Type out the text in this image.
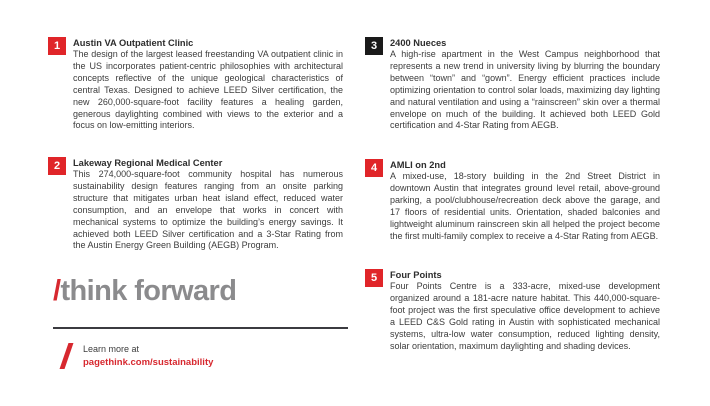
1	Austin VA Outpatient Clinic
The design of the largest leased freestanding VA outpatient clinic in the US incorporates patient-centric philosophies with architectural concepts reflective of the unique geological characteristics of central Texas. Designed to achieve LEED Silver certification, the new 260,000-square-foot facility features a healing garden, generous daylighting combined with views to the exterior and a focus on low-emitting interiors.
2	Lakeway Regional Medical Center
This 274,000-square-foot community hospital has numerous sustainability design features ranging from an onsite parking structure that mitigates urban heat island effect, reduced water consumption, and an envelope that works in concert with mechanical systems to optimize the building’s energy savings. It achieved both LEED Silver certification and a 3-Star Rating from the Austin Energy Green Building (AEGB) Program.
3	2400 Nueces
A high-rise apartment in the West Campus neighborhood that represents a new trend in university living by blurring the boundary between “town” and “gown”. Energy efficient practices include optimizing orientation to control solar loads, maximizing day lighting and natural ventilation and using a “rainscreen” skin over a thermal envelope on much of the building. It achieved both LEED Gold certification and 4-Star Rating from AEGB.
4	AMLI on 2nd
A mixed-use, 18-story building in the 2nd Street District in downtown Austin that integrates ground level retail, above-ground parking, a pool/clubhouse/recreation deck above the garage, and 17 floors of residential units. Orientation, shaded balconies and lightweight aluminum rainscreen skin all helped the project become the first multi-family complex to receive a 4-Star Rating from AEGB.
5	Four Points
Four Points Centre is a 333-acre, mixed-use development organized around a 181-acre nature habitat. This 440,000-square-foot project was the first speculative office development to achieve a LEED C&S Gold rating in Austin with sophisticated mechanical systems, ultra-low water consumption, reduced lighting density, solar orientation, maximum daylighting and shading devices.
/think forward
Learn more at
pagethink.com/sustainability
